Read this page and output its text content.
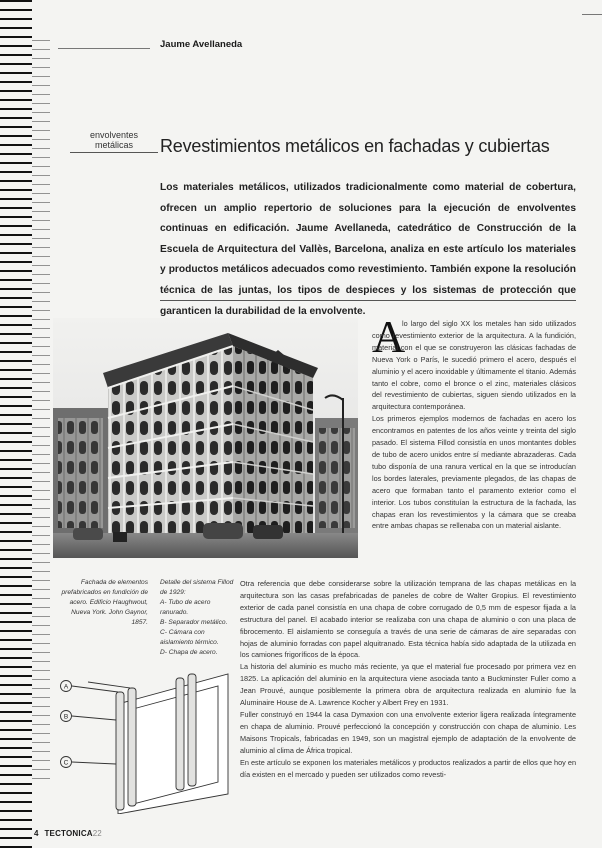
Jaume Avellaneda
envolventes
metálicas	Revestimientos metálicos en fachadas y cubiertas
Los materiales metálicos, utilizados tradicionalmente como material de cobertura, ofrecen un amplio repertorio de soluciones para la ejecución de envolventes continuas en edificación. Jaume Avellaneda, catedrático de Construcción de la Escuela de Arquitectura del Vallès, Barcelona, analiza en este artículo los materiales y productos metálicos adecuados como revestimiento. También expone la resolución técnica de las juntas, los tipos de despieces y los sistemas de protección que garanticen la durabilidad de la envolvente. A

lo largo del siglo XX los metales han sido utilizados como revestimiento exterior de la arquitectura. A la fundición, material con el que se construyeron las clásicas fachadas de Nueva York o París, le sucedió primero el acero, después el aluminio y el acero inoxidable y últimamente el titanio. Además tanto el cobre, como el bronce o el zinc, materiales clásicos del revestimiento de cubiertas, siguen siendo utilizados en la arquitectura contemporánea.

Los primeros ejemplos modernos de fachadas en acero los encontramos en patentes de los años veinte y treinta del siglo pasado. El sistema Fillod consistía en unos montantes dobles de tubo de acero unidos entre sí mediante abrazaderas. Cada tubo disponía de una ranura vertical en la que se introducían los bordes laterales, previamente plegados, de las chapas de acero que formaban tanto el paramento exterior como el interior. Los tubos constituían la estructura de la fachada, las chapas eran los revestimientos y la cámara que se creaba entre ambas chapas se rellenaba con un material aislante.

Fachada de elementos prefabricados en fundición de acero. Edificio Haughwout, Nueva York. John Gaynor, 1857.
Detalle del sistema Fillod de 1929:
A- Tubo de acero ranurado.
B- Separador metálico.
C- Cámara con aislamiento térmico.
D- Chapa de acero.
A
B
C

Otra referencia que debe considerarse sobre la utilización temprana de las chapas metálicas en la arquitectura son las casas prefabricadas de paneles de cobre de Walter Gropius. El revestimiento exterior de cada panel consistía en una chapa de cobre corrugado de 0,5 mm de espesor fijada a la estructura del panel. El acabado interior se realizaba con una chapa de aluminio o con una placa de fibrocemento. El aislamiento se conseguía a través de una serie de cámaras de aire separadas con hojas de aluminio forradas con papel alquitranado. Esta técnica había sido adaptada de la utilizada en los camiones frigoríficos de la época.

La historia del aluminio es mucho más reciente, ya que el material fue procesado por primera vez en 1825. La aplicación del aluminio en la arquitectura viene asociada tanto a Buckminster Fuller como a Jean Prouvé, aunque posiblemente la primera obra de arquitectura realizada en aluminio fue la Aluminaire House de A. Lawrence Kocher y Albert Frey en 1931.

Fuller construyó en 1944 la casa Dymaxion con una envolvente exterior ligera realizada íntegramente en chapa de aluminio. Prouvé perfeccionó la concepción y construcción con chapa de aluminio. Les Maisons Tropicals, fabricadas en 1949, son un magistral ejemplo de adaptación de la envolvente de aluminio al clima de África tropical.

En este artículo se exponen los materiales metálicos y productos realizados a partir de ellos que hoy en día existen en el mercado y pueden ser utilizados como revesti-

4 TECTONICA22
